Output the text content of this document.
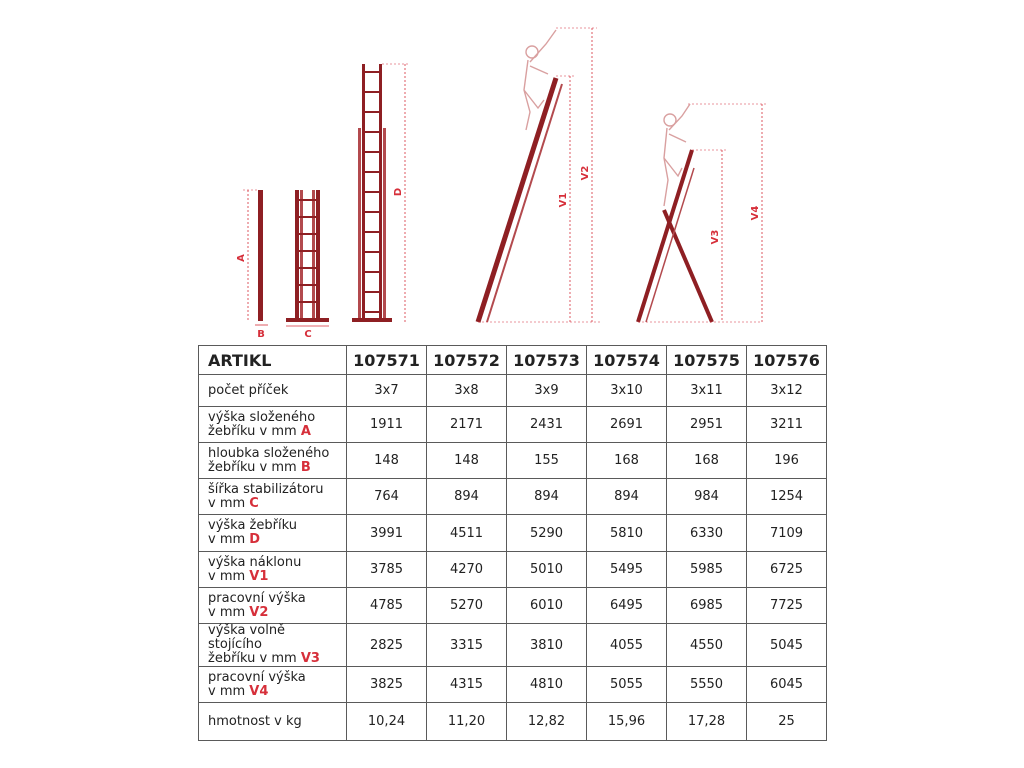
A
B	C
D
V1
V2
V3
V4
ARTIKL	107571	107572	107573	107574	107575	107576
počet příček	3x7	3x8	3x9	3x10	3x11	3x12
výška složeného
žebříku v mm A	1911	2171	2431	2691	2951	3211
hloubka složeného
žebříku v mm B	148	148	155	168	168	196
šířka stabilizátoru
v mm C	764	894	894	894	984	1254
výška žebříku
v mm D	3991	4511	5290	5810	6330	7109
výška náklonu
v mm V1	3785	4270	5010	5495	5985	6725
pracovní výška
v mm V2	4785	5270	6010	6495	6985	7725
výška volně stojícího
žebříku v mm V3	2825	3315	3810	4055	4550	5045
pracovní výška
v mm V4	3825	4315	4810	5055	5550	6045
hmotnost v kg	10,24	11,20	12,82	15,96	17,28	25
